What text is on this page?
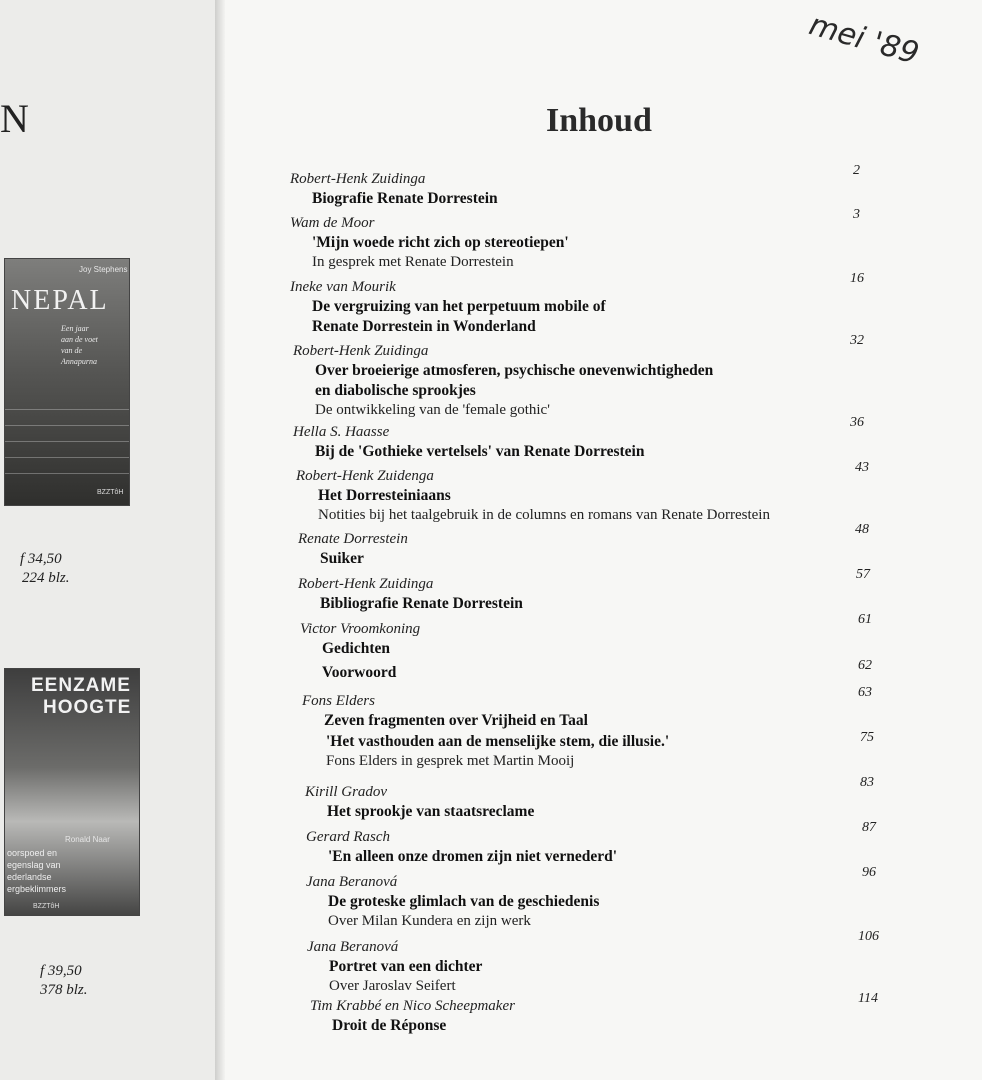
N
Joy Stephens
NEPAL
Een jaar
aan de voet
van de
Annapurna
BZZTôH
f 34,50
224 blz.
EENZAME
HOOGTE
Ronald Naar
oorspoed en
egenslag van
ederlandse
ergbeklimmers
BZZTôH
f 39,50
378 blz.
mei '89
Inhoud
Robert-Henk Zuidinga
Biografie Renate Dorrestein
2
Wam de Moor
'Mijn woede richt zich op stereotiepen'
In gesprek met Renate Dorrestein
3
Ineke van Mourik
De vergruizing van het perpetuum mobile of
Renate Dorrestein in Wonderland
16
Robert-Henk Zuidinga
Over broeierige atmosferen, psychische onevenwichtigheden
en diabolische sprookjes
De ontwikkeling van de 'female gothic'
32
Hella S. Haasse
Bij de 'Gothieke vertelsels' van Renate Dorrestein
36
Robert-Henk Zuidenga
Het Dorresteiniaans
Notities bij het taalgebruik in de columns en romans van Renate Dorrestein
43
Renate Dorrestein
Suiker
48
Robert-Henk Zuidinga
Bibliografie Renate Dorrestein
57
Victor Vroomkoning
Gedichten
61
Voorwoord	62
Fons Elders
Zeven fragmenten over Vrijheid en Taal
63
'Het vasthouden aan de menselijke stem, die illusie.'
Fons Elders in gesprek met Martin Mooij
75
Kirill Gradov
Het sprookje van staatsreclame
83
Gerard Rasch
'En alleen onze dromen zijn niet vernederd'
87
Jana Beranová
De groteske glimlach van de geschiedenis
Over Milan Kundera en zijn werk
96
Jana Beranová
Portret van een dichter
Over Jaroslav Seifert
106
Tim Krabbé en Nico Scheepmaker
Droit de Réponse
114
